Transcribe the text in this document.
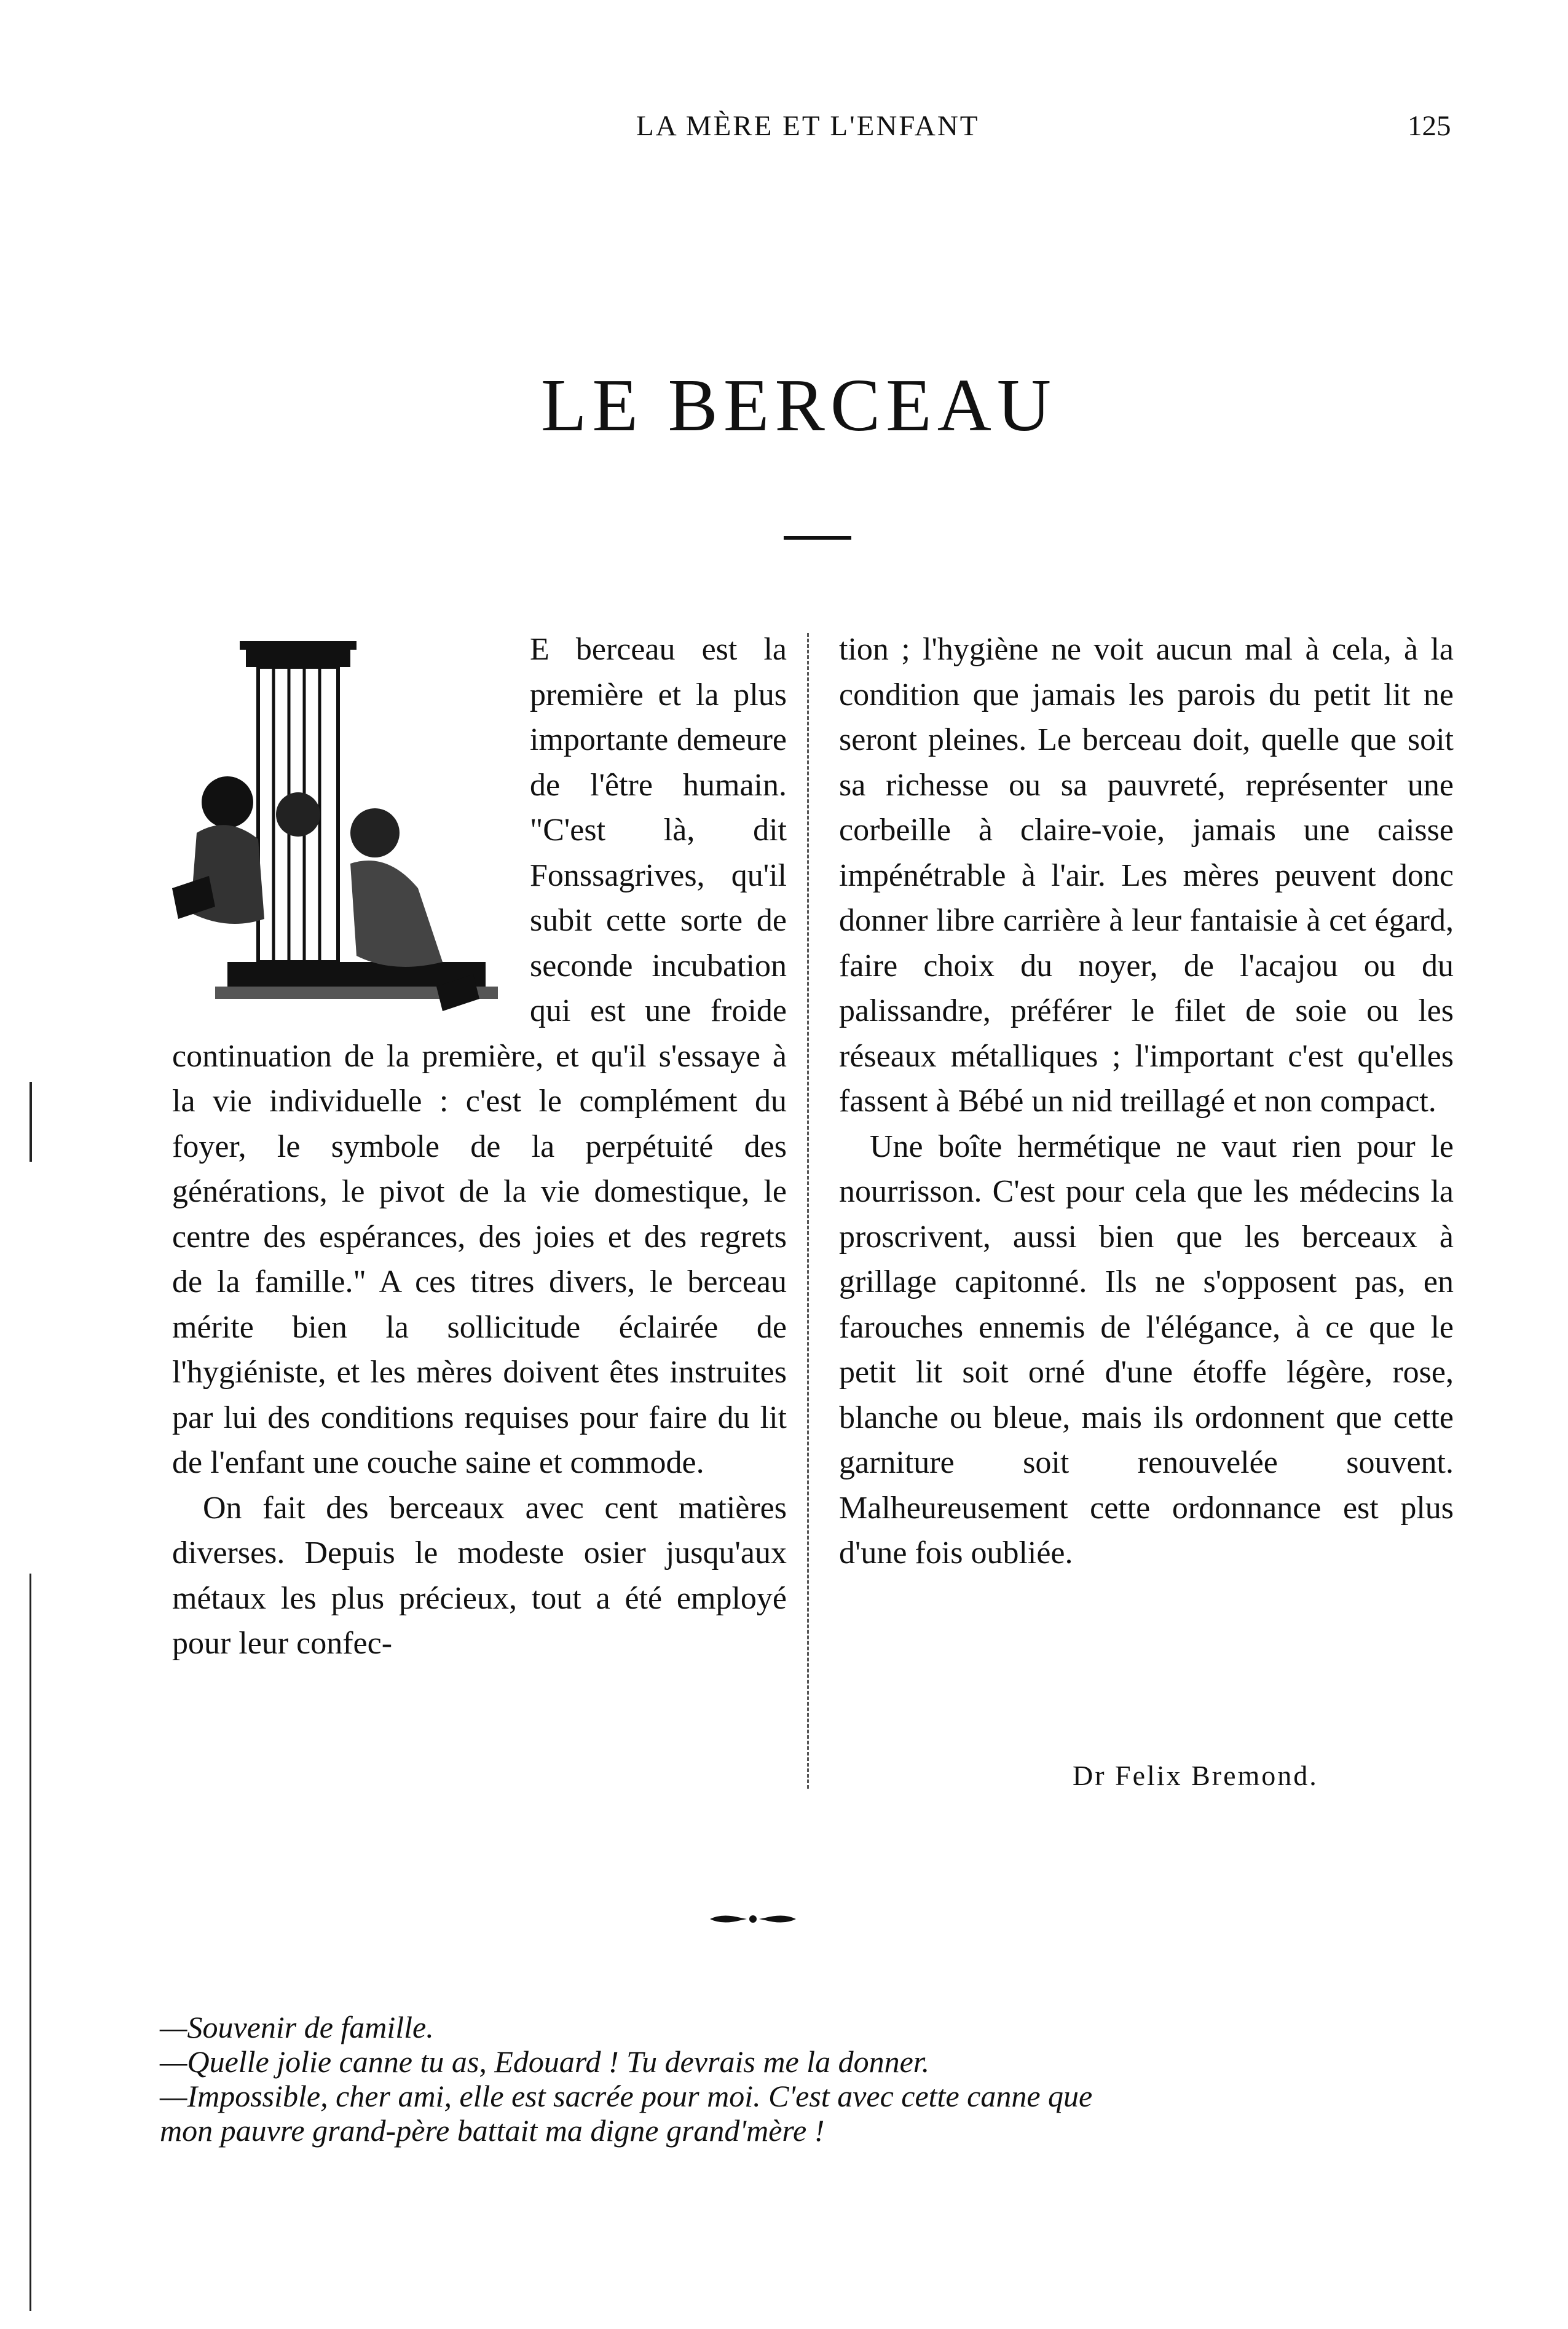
LA MÈRE ET L'ENFANT	125
LE BERCEAU

E berceau est la première et la plus importante demeure de l'être humain. "C'est là, dit Fonssagrives, qu'il subit cette sorte de seconde incubation qui est une froide continuation de la première, et qu'il s'essaye à la vie individuelle : c'est le complément du foyer, le symbole de la perpétuité des générations, le pivot de la vie domestique, le centre des espérances, des joies et des regrets de la famille." A ces titres divers, le berceau mérite bien la sollicitude éclairée de l'hygiéniste, et les mères doivent êtes instruites par lui des conditions requises pour faire du lit de l'enfant une couche saine et commode.

On fait des berceaux avec cent matières diverses. Depuis le modeste osier jusqu'aux métaux les plus précieux, tout a été employé pour leur confec-

tion ; l'hygiène ne voit aucun mal à cela, à la condition que jamais les parois du petit lit ne seront pleines. Le berceau doit, quelle que soit sa richesse ou sa pauvreté, représenter une corbeille à claire-voie, jamais une caisse impénétrable à l'air. Les mères peuvent donc donner libre carrière à leur fantaisie à cet égard, faire choix du noyer, de l'acajou ou du palissandre, préférer le filet de soie ou les réseaux métalliques ; l'important c'est qu'elles fassent à Bébé un nid treillagé et non compact.

Une boîte hermétique ne vaut rien pour le nourrisson. C'est pour cela que les médecins la proscrivent, aussi bien que les berceaux à grillage capitonné. Ils ne s'opposent pas, en farouches ennemis de l'élégance, à ce que le petit lit soit orné d'une étoffe légère, rose, blanche ou bleue, mais ils ordonnent que cette garniture soit renouvelée souvent. Malheureusement cette ordonnance est plus d'une fois oubliée.

Dr Felix Bremond.
—Souvenir de famille.
—Quelle jolie canne tu as, Edouard ! Tu devrais me la donner.
—Impossible, cher ami, elle est sacrée pour moi. C'est avec cette canne que
mon pauvre grand-père battait ma digne grand'mère !
